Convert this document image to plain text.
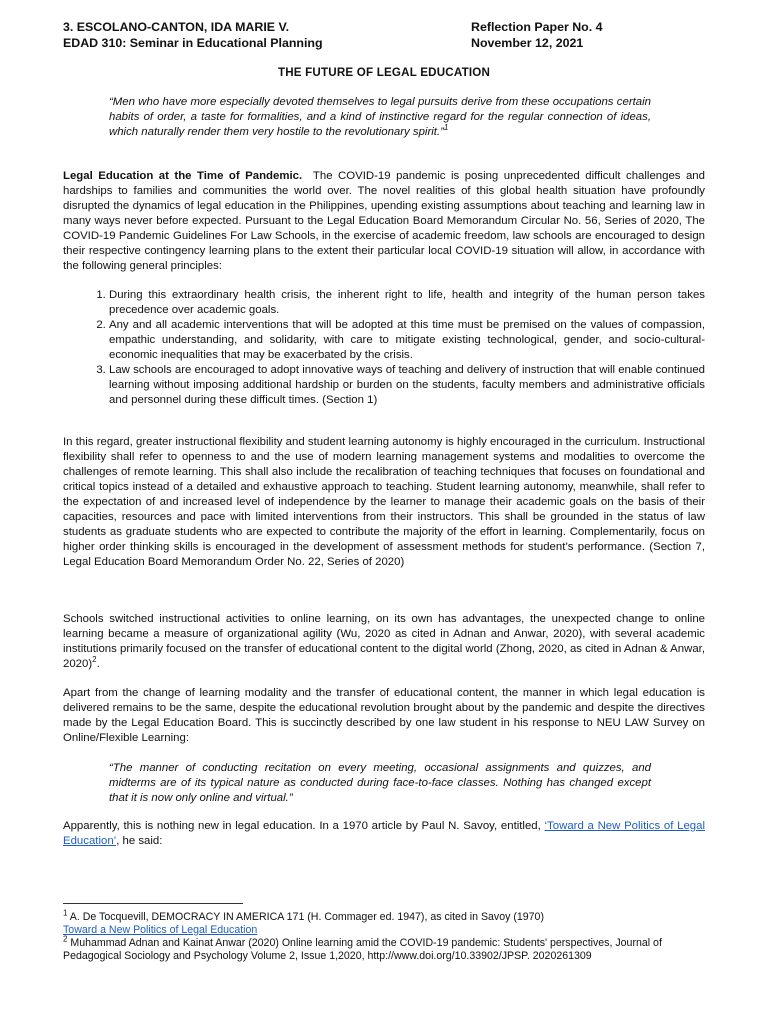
3. ESCOLANO-CANTON, IDA MARIE V.
EDAD 310: Seminar in Educational Planning
Reflection Paper No. 4
November 12, 2021
THE FUTURE OF LEGAL EDUCATION
“Men who have more especially devoted themselves to legal pursuits derive from these occupations certain habits of order, a taste for formalities, and a kind of instinctive regard for the regular connection of ideas, which naturally render them very hostile to the revolutionary spirit.”$^1$
Legal Education at the Time of Pandemic. The COVID-19 pandemic is posing unprecedented difficult challenges and hardships to families and communities the world over. The novel realities of this global health situation have profoundly disrupted the dynamics of legal education in the Philippines, upending existing assumptions about teaching and learning law in many ways never before expected. Pursuant to the Legal Education Board Memorandum Circular No. 56, Series of 2020, The COVID-19 Pandemic Guidelines For Law Schools, in the exercise of academic freedom, law schools are encouraged to design their respective contingency learning plans to the extent their particular local COVID-19 situation will allow, in accordance with the following general principles:
1. During this extraordinary health crisis, the inherent right to life, health and integrity of the human person takes precedence over academic goals.
2. Any and all academic interventions that will be adopted at this time must be premised on the values of compassion, empathic understanding, and solidarity, with care to mitigate existing technological, gender, and socio-cultural-economic inequalities that may be exacerbated by the crisis.
3. Law schools are encouraged to adopt innovative ways of teaching and delivery of instruction that will enable continued learning without imposing additional hardship or burden on the students, faculty members and administrative officials and personnel during these difficult times. (Section 1)
In this regard, greater instructional flexibility and student learning autonomy is highly encouraged in the curriculum. Instructional flexibility shall refer to openness to and the use of modern learning management systems and modalities to overcome the challenges of remote learning. This shall also include the recalibration of teaching techniques that focuses on foundational and critical topics instead of a detailed and exhaustive approach to teaching. Student learning autonomy, meanwhile, shall refer to the expectation of and increased level of independence by the learner to manage their academic goals on the basis of their capacities, resources and pace with limited interventions from their instructors. This shall be grounded in the status of law students as graduate students who are expected to contribute the majority of the effort in learning. Complementarily, focus on higher order thinking skills is encouraged in the development of assessment methods for student’s performance. (Section 7, Legal Education Board Memorandum Order No. 22, Series of 2020)
Schools switched instructional activities to online learning, on its own has advantages, the unexpected change to online learning became a measure of organizational agility (Wu, 2020 as cited in Adnan and Anwar, 2020), with several academic institutions primarily focused on the transfer of educational content to the digital world (Zhong, 2020, as cited in Adnan & Anwar, 2020)$^2$.
Apart from the change of learning modality and the transfer of educational content, the manner in which legal education is delivered remains to be the same, despite the educational revolution brought about by the pandemic and despite the directives made by the Legal Education Board. This is succinctly described by one law student in his response to NEU LAW Survey on Online/Flexible Learning:
“The manner of conducting recitation on every meeting, occasional assignments and quizzes, and midterms are of its typical nature as conducted during face-to-face classes. Nothing has changed except that it is now only online and virtual.”
Apparently, this is nothing new in legal education. In a 1970 article by Paul N. Savoy, entitled, ‘Toward a New Politics of Legal Education’, he said:
$^1$ A. De Tocquevill, DEMOCRACY IN AMERICA 171 (H. Commager ed. 1947), as cited in Savoy (1970)
Toward a New Politics of Legal Education
$^2$ Muhammad Adnan and Kainat Anwar (2020) Online learning amid the COVID-19 pandemic: Students' perspectives, Journal of Pedagogical Sociology and Psychology Volume 2, Issue 1,2020, http://www.doi.org/10.33902/JPSP. 2020261309
